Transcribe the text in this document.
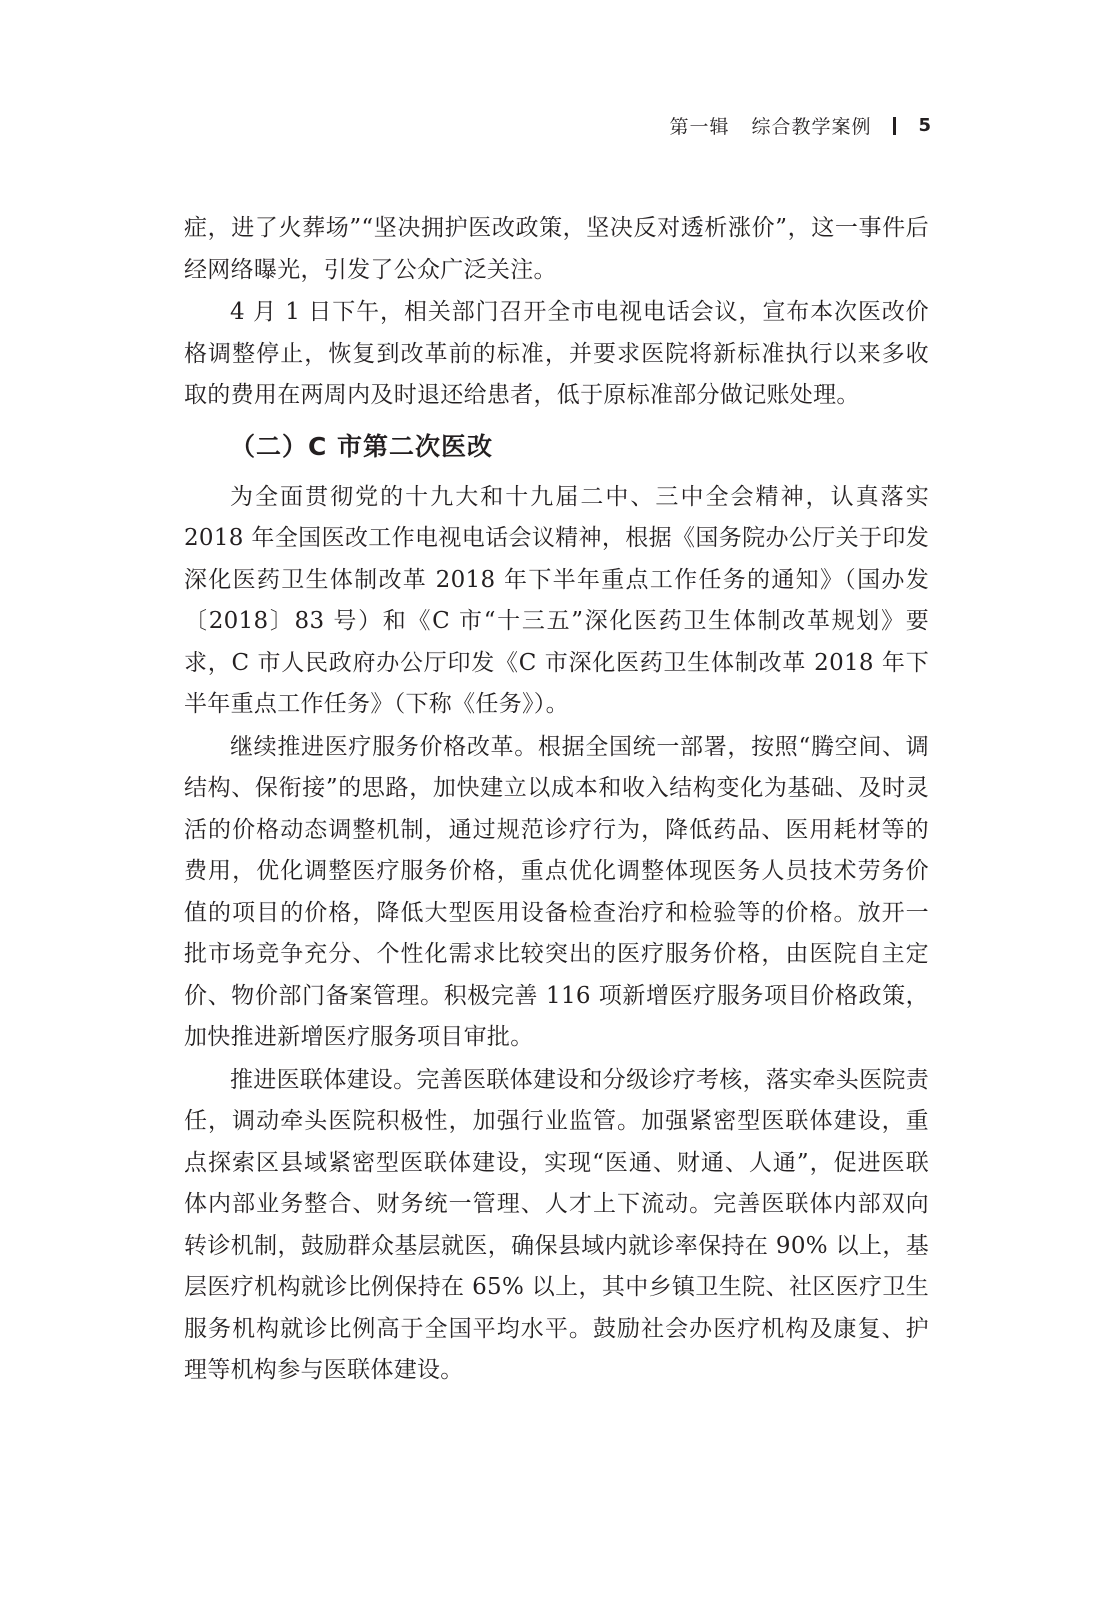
第一辑 综合教学案例	5

症，进了火葬场”“坚决拥护医改政策，坚决反对透析涨价”，这一事件后经网络曝光，引发了公众广泛关注。

4 月 1 日下午，相关部门召开全市电视电话会议，宣布本次医改价格调整停止，恢复到改革前的标准，并要求医院将新标准执行以来多收取的费用在两周内及时退还给患者，低于原标准部分做记账处理。

（二）C 市第二次医改

为全面贯彻党的十九大和十九届二中、三中全会精神，认真落实 2018 年全国医改工作电视电话会议精神，根据《国务院办公厅关于印发深化医药卫生体制改革 2018 年下半年重点工作任务的通知》（国办发〔2018〕83 号）和《C 市“十三五”深化医药卫生体制改革规划》要求，C 市人民政府办公厅印发《C 市深化医药卫生体制改革 2018 年下半年重点工作任务》（下称《任务》）。

继续推进医疗服务价格改革。根据全国统一部署，按照“腾空间、调结构、保衔接”的思路，加快建立以成本和收入结构变化为基础、及时灵活的价格动态调整机制，通过规范诊疗行为，降低药品、医用耗材等的费用，优化调整医疗服务价格，重点优化调整体现医务人员技术劳务价值的项目的价格，降低大型医用设备检查治疗和检验等的价格。放开一批市场竞争充分、个性化需求比较突出的医疗服务价格，由医院自主定价、物价部门备案管理。积极完善 116 项新增医疗服务项目价格政策，加快推进新增医疗服务项目审批。

推进医联体建设。完善医联体建设和分级诊疗考核，落实牵头医院责任，调动牵头医院积极性，加强行业监管。加强紧密型医联体建设，重点探索区县域紧密型医联体建设，实现“医通、财通、人通”，促进医联体内部业务整合、财务统一管理、人才上下流动。完善医联体内部双向转诊机制，鼓励群众基层就医，确保县域内就诊率保持在 90% 以上，基层医疗机构就诊比例保持在 65% 以上，其中乡镇卫生院、社区医疗卫生服务机构就诊比例高于全国平均水平。鼓励社会办医疗机构及康复、护理等机构参与医联体建设。
